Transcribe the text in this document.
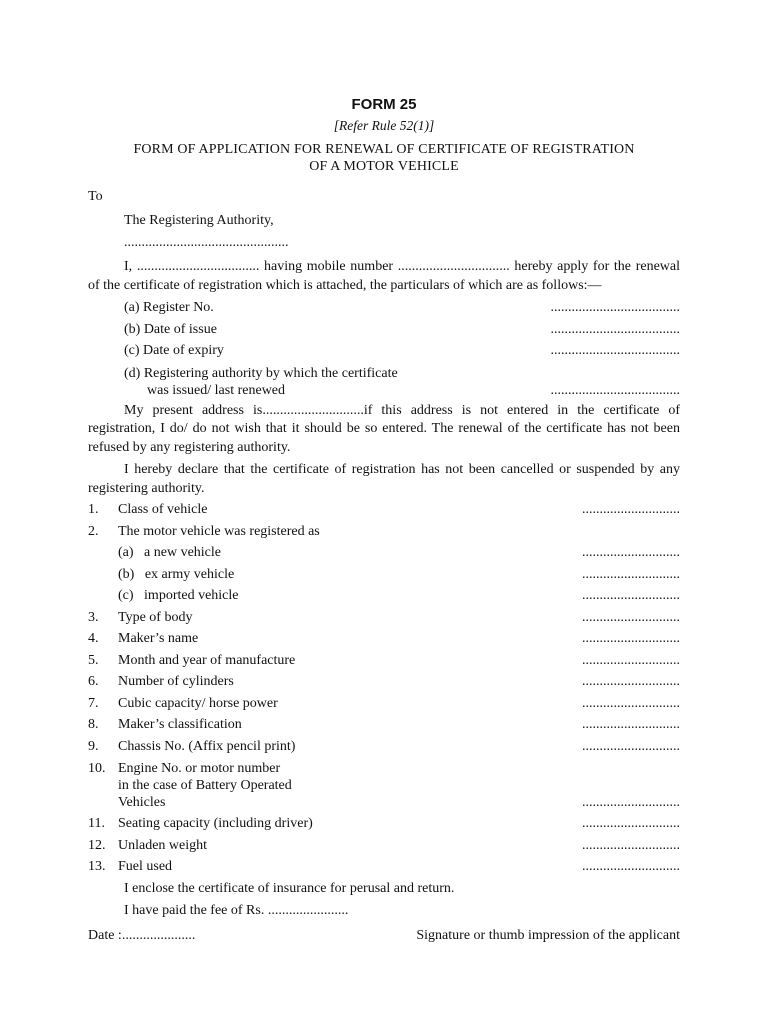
FORM 25
[Refer Rule 52(1)]
FORM OF APPLICATION FOR RENEWAL OF CERTIFICATE OF REGISTRATION
OF A MOTOR VEHICLE
To
The Registering Authority,
...............................................
I, ................................... having mobile number ................................ hereby apply for the renewal of the certificate of registration which is attached, the particulars of which are as follows:—
(a) Register No.	.....................................
(b) Date of issue	.....................................
(c) Date of expiry	.....................................
(d) Registering authority by which the certificate
was issued/ last renewed	.....................................
My present address is.............................if this address is not entered in the certificate of registration, I do/ do not wish that it should be so entered. The renewal of the certificate has not been refused by any registering authority.
I hereby declare that the certificate of registration has not been cancelled or suspended by any registering authority.
1. Class of vehicle	............................
2. The motor vehicle was registered as
(a)   a new vehicle	............................
(b)   ex army vehicle	............................
(c)   imported vehicle	............................
3. Type of body	............................
4. Maker’s name	............................
5. Month and year of manufacture	............................
6. Number of cylinders	............................
7. Cubic capacity/ horse power	............................
8. Maker’s classification	............................
9. Chassis No. (Affix pencil print)	............................
10. Engine No. or motor number
in the case of Battery Operated
Vehicles	............................
11. Seating capacity (including driver)	............................
12. Unladen weight	............................
13. Fuel used	............................
I enclose the certificate of insurance for perusal and return.
I have paid the fee of Rs. .......................
Date :.....................	Signature or thumb impression of the applicant
